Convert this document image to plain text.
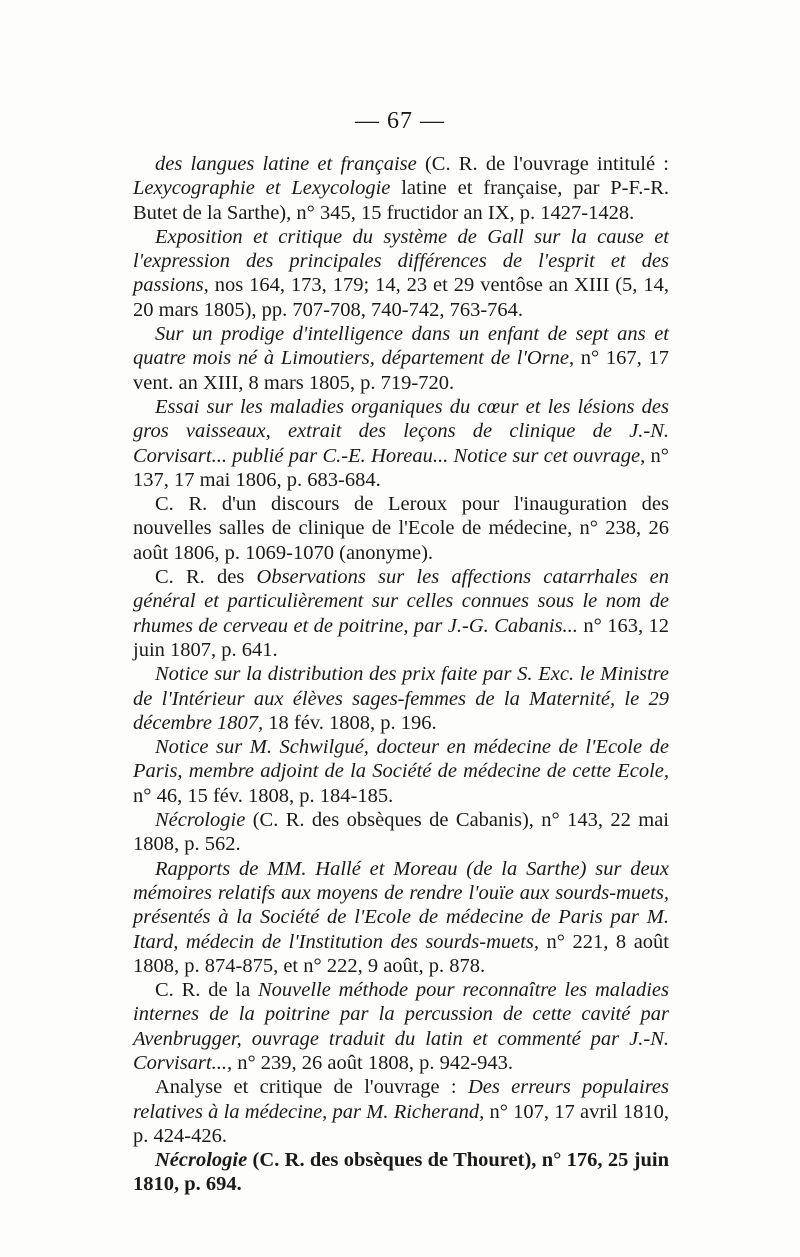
— 67 —

des langues latine et française (C. R. de l'ouvrage intitulé : Lexycographie et Lexycologie latine et française, par P-F.-R. Butet de la Sarthe), n° 345, 15 fructidor an IX, p. 1427-1428.

Exposition et critique du système de Gall sur la cause et l'expression des principales différences de l'esprit et des passions, nos 164, 173, 179; 14, 23 et 29 ventôse an XIII (5, 14, 20 mars 1805), pp. 707-708, 740-742, 763-764.

Sur un prodige d'intelligence dans un enfant de sept ans et quatre mois né à Limoutiers, département de l'Orne, n° 167, 17 vent. an XIII, 8 mars 1805, p. 719-720.

Essai sur les maladies organiques du cœur et les lésions des gros vaisseaux, extrait des leçons de clinique de J.-N. Corvisart... publié par C.-E. Horeau... Notice sur cet ouvrage, n° 137, 17 mai 1806, p. 683-684.

C. R. d'un discours de Leroux pour l'inauguration des nouvelles salles de clinique de l'Ecole de médecine, n° 238, 26 août 1806, p. 1069-1070 (anonyme).

C. R. des Observations sur les affections catarrhales en général et particulièrement sur celles connues sous le nom de rhumes de cerveau et de poitrine, par J.-G. Cabanis... n° 163, 12 juin 1807, p. 641.

Notice sur la distribution des prix faite par S. Exc. le Ministre de l'Intérieur aux élèves sages-femmes de la Maternité, le 29 décembre 1807, 18 fév. 1808, p. 196.

Notice sur M. Schwilgué, docteur en médecine de l'Ecole de Paris, membre adjoint de la Société de médecine de cette Ecole, n° 46, 15 fév. 1808, p. 184-185.

Nécrologie (C. R. des obsèques de Cabanis), n° 143, 22 mai 1808, p. 562.

Rapports de MM. Hallé et Moreau (de la Sarthe) sur deux mémoires relatifs aux moyens de rendre l'ouïe aux sourds-muets, présentés à la Société de l'Ecole de médecine de Paris par M. Itard, médecin de l'Institution des sourds-muets, n° 221, 8 août 1808, p. 874-875, et n° 222, 9 août, p. 878.

C. R. de la Nouvelle méthode pour reconnaître les maladies internes de la poitrine par la percussion de cette cavité par Avenbrugger, ouvrage traduit du latin et commenté par J.-N. Corvisart..., n° 239, 26 août 1808, p. 942-943.

Analyse et critique de l'ouvrage : Des erreurs populaires relatives à la médecine, par M. Richerand, n° 107, 17 avril 1810, p. 424-426.

Nécrologie (C. R. des obsèques de Thouret), n° 176, 25 juin 1810, p. 694.
